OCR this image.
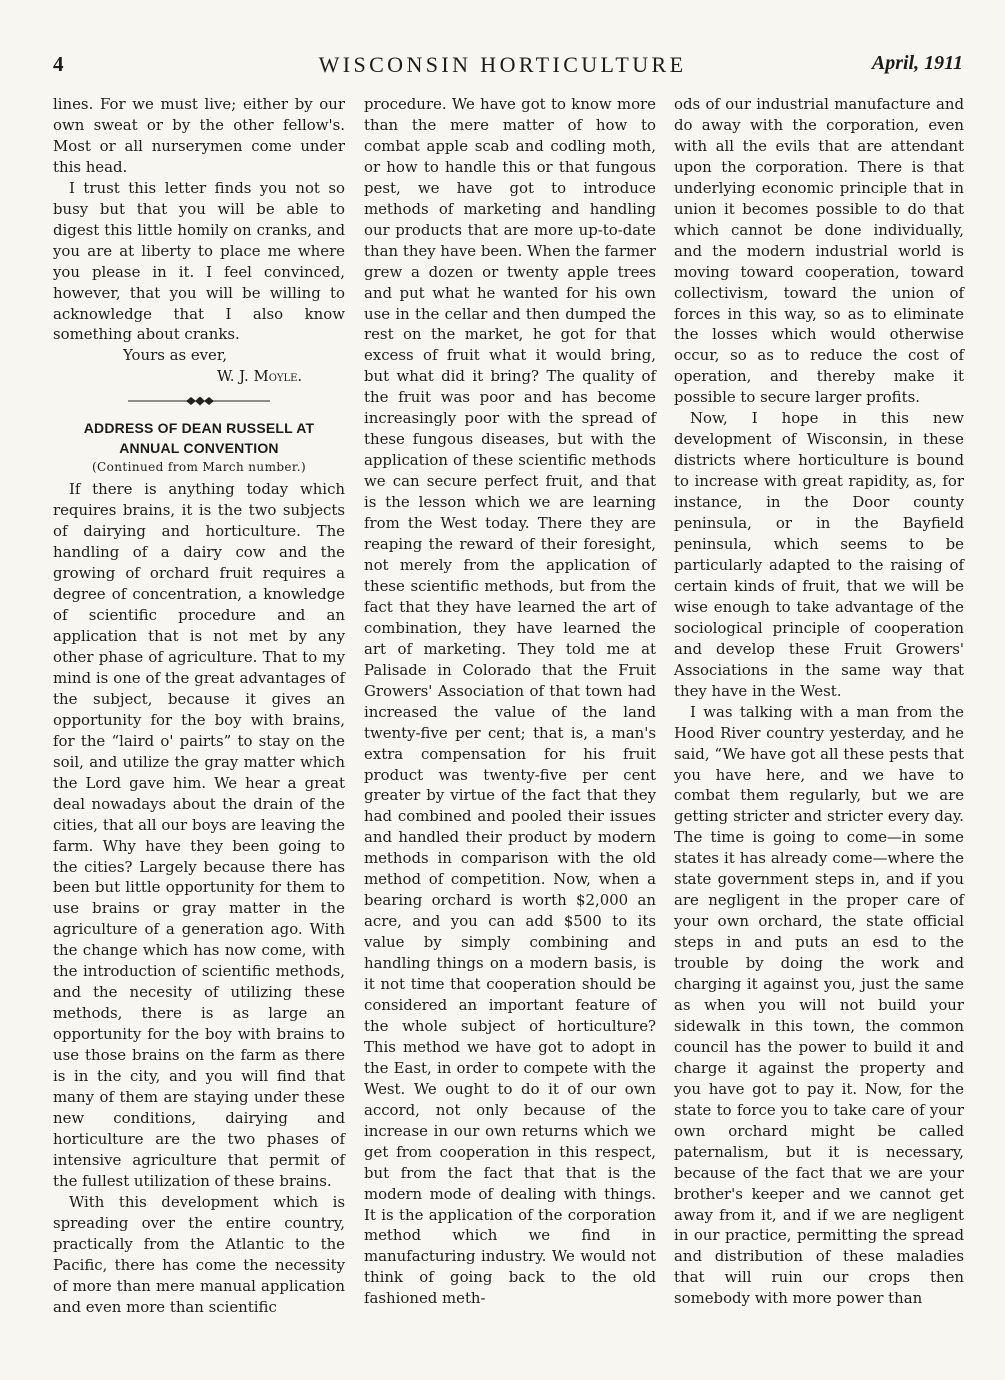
4	WISCONSIN HORTICULTURE	April, 1911

lines. For we must live; either by our own sweat or by the other fellow's. Most or all nurserymen come under this head.

I trust this letter finds you not so busy but that you will be able to digest this little homily on cranks, and you are at liberty to place me where you please in it. I feel convinced, however, that you will be willing to acknowledge that I also know something about cranks.

Yours as ever,

W. J. Moyle.

ADDRESS OF DEAN RUSSELL AT
ANNUAL CONVENTION
(Continued from March number.)

If there is anything today which requires brains, it is the two subjects of dairying and horticulture. The handling of a dairy cow and the growing of orchard fruit requires a degree of concentration, a knowledge of scientific procedure and an application that is not met by any other phase of agriculture. That to my mind is one of the great advantages of the subject, because it gives an opportunity for the boy with brains, for the “laird o' pairts” to stay on the soil, and utilize the gray matter which the Lord gave him. We hear a great deal nowadays about the drain of the cities, that all our boys are leaving the farm. Why have they been going to the cities? Largely because there has been but little opportunity for them to use brains or gray matter in the agriculture of a generation ago. With the change which has now come, with the introduction of scientific methods, and the necesity of utilizing these methods, there is as large an opportunity for the boy with brains to use those brains on the farm as there is in the city, and you will find that many of them are staying under these new conditions, dairying and horticulture are the two phases of intensive agriculture that permit of the fullest utilization of these brains.

With this development which is spreading over the entire country, practically from the Atlantic to the Pacific, there has come the necessity of more than mere manual application and even more than scientific

procedure. We have got to know more than the mere matter of how to combat apple scab and codling moth, or how to handle this or that fungous pest, we have got to introduce methods of marketing and handling our products that are more up-to-date than they have been. When the farmer grew a dozen or twenty apple trees and put what he wanted for his own use in the cellar and then dumped the rest on the market, he got for that excess of fruit what it would bring, but what did it bring? The quality of the fruit was poor and has become increasingly poor with the spread of these fungous diseases, but with the application of these scientific methods we can secure perfect fruit, and that is the lesson which we are learning from the West today. There they are reaping the reward of their foresight, not merely from the application of these scientific methods, but from the fact that they have learned the art of combination, they have learned the art of marketing. They told me at Palisade in Colorado that the Fruit Growers' Association of that town had increased the value of the land twenty-five per cent; that is, a man's extra compensation for his fruit product was twenty-five per cent greater by virtue of the fact that they had combined and pooled their issues and handled their product by modern methods in comparison with the old method of competition. Now, when a bearing orchard is worth $2,000 an acre, and you can add $500 to its value by simply combining and handling things on a modern basis, is it not time that cooperation should be considered an important feature of the whole subject of horticulture? This method we have got to adopt in the East, in order to compete with the West. We ought to do it of our own accord, not only because of the increase in our own returns which we get from cooperation in this respect, but from the fact that that is the modern mode of dealing with things. It is the application of the corporation method which we find in manufacturing industry. We would not think of going back to the old fashioned meth-

ods of our industrial manufacture and do away with the corporation, even with all the evils that are attendant upon the corporation. There is that underlying economic principle that in union it becomes possible to do that which cannot be done individually, and the modern industrial world is moving toward cooperation, toward collectivism, toward the union of forces in this way, so as to eliminate the losses which would otherwise occur, so as to reduce the cost of operation, and thereby make it possible to secure larger profits.

Now, I hope in this new development of Wisconsin, in these districts where horticulture is bound to increase with great rapidity, as, for instance, in the Door county peninsula, or in the Bayfield peninsula, which seems to be particularly adapted to the raising of certain kinds of fruit, that we will be wise enough to take advantage of the sociological principle of cooperation and develop these Fruit Growers' Associations in the same way that they have in the West.

I was talking with a man from the Hood River country yesterday, and he said, “We have got all these pests that you have here, and we have to combat them regularly, but we are getting stricter and stricter every day. The time is going to come—in some states it has already come—where the state government steps in, and if you are negligent in the proper care of your own orchard, the state official steps in and puts an esd to the trouble by doing the work and charging it against you, just the same as when you will not build your sidewalk in this town, the common council has the power to build it and charge it against the property and you have got to pay it. Now, for the state to force you to take care of your own orchard might be called paternalism, but it is necessary, because of the fact that we are your brother's keeper and we cannot get away from it, and if we are negligent in our practice, permitting the spread and distribution of these maladies that will ruin our crops then somebody with more power than
